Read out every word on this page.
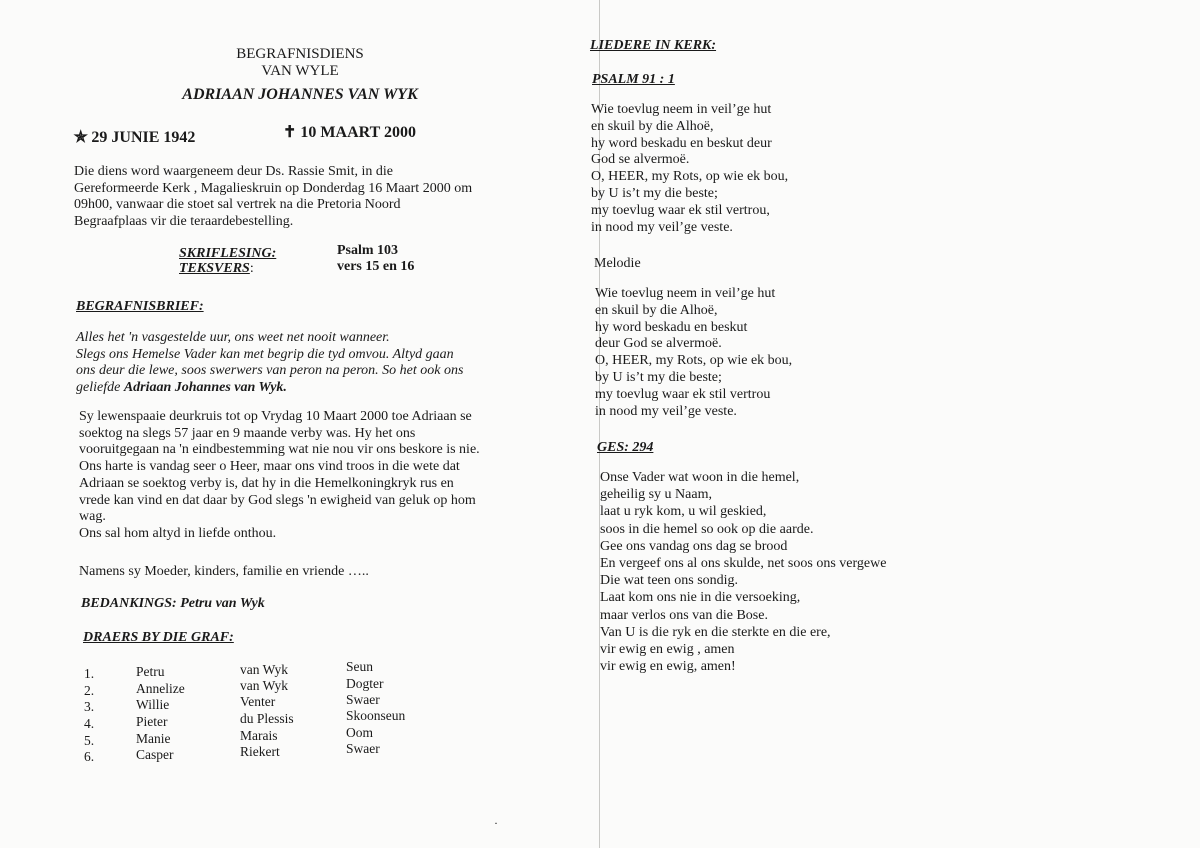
BEGRAFNISDIENS
VAN WYLE
ADRIAAN JOHANNES VAN WYK
✯ 29 JUNIE 1942	✝ 10 MAART 2000
Die diens word waargeneem deur Ds. Rassie Smit, in die
Gereformeerde Kerk , Magalieskruin op Donderdag 16 Maart 2000 om
09h00, vanwaar die stoet sal vertrek na die Pretoria Noord
Begraafplaas vir die teraardebestelling.
SKRIFLESING:	Psalm 103
TEKSVERS:	vers 15 en 16
BEGRAFNISBRIEF:
Alles het 'n vasgestelde uur, ons weet net nooit wanneer.
Slegs ons Hemelse Vader kan met begrip die tyd omvou. Altyd gaan
ons deur die lewe, soos swerwers van peron na peron. So het ook ons
geliefde Adriaan Johannes van Wyk.
Sy lewenspaaie deurkruis tot op Vrydag 10 Maart 2000 toe Adriaan se
soektog na slegs 57 jaar en 9 maande verby was. Hy het ons
vooruitgegaan na 'n eindbestemming wat nie nou vir ons beskore is nie.
Ons harte is vandag seer o Heer, maar ons vind troos in die wete dat
Adriaan se soektog verby is, dat hy in die Hemelkoningkryk rus en
vrede kan vind en dat daar by God slegs 'n ewigheid van geluk op hom
wag.
Ons sal hom altyd in liefde onthou.
Namens sy Moeder, kinders, familie en vriende …..
BEDANKINGS: Petru van Wyk
DRAERS BY DIE GRAF:
1.	Petru	van Wyk	Seun
2.	Annelize	van Wyk	Dogter
3.	Willie	Venter	Swaer
4.	Pieter	du Plessis	Skoonseun
5.	Manie	Marais	Oom
6.	Casper	Riekert	Swaer
LIEDERE IN KERK:
PSALM 91 : 1
Wie toevlug neem in veil’ge hut
en skuil by die Alhoë,
hy word beskadu en beskut deur
God se alvermoë.
O, HEER, my Rots, op wie ek bou,
by U is’t my die beste;
my toevlug waar ek stil vertrou,
in nood my veil’ge veste.
Melodie
Wie toevlug neem in veil’ge hut
en skuil by die Alhoë,
hy word beskadu en beskut
deur God se alvermoë.
O, HEER, my Rots, op wie ek bou,
by U is’t my die beste;
my toevlug waar ek stil vertrou
in nood my veil’ge veste.
GES: 294
Onse Vader wat woon in die hemel,
geheilig sy u Naam,
laat u ryk kom, u wil geskied,
soos in die hemel so ook op die aarde.
Gee ons vandag ons dag se brood
En vergeef ons al ons skulde, net soos ons vergewe
Die wat teen ons sondig.
Laat kom ons nie in die versoeking,
maar verlos ons van die Bose.
Van U is die ryk en die sterkte en die ere,
vir ewig en ewig , amen
vir ewig en ewig, amen!
·
